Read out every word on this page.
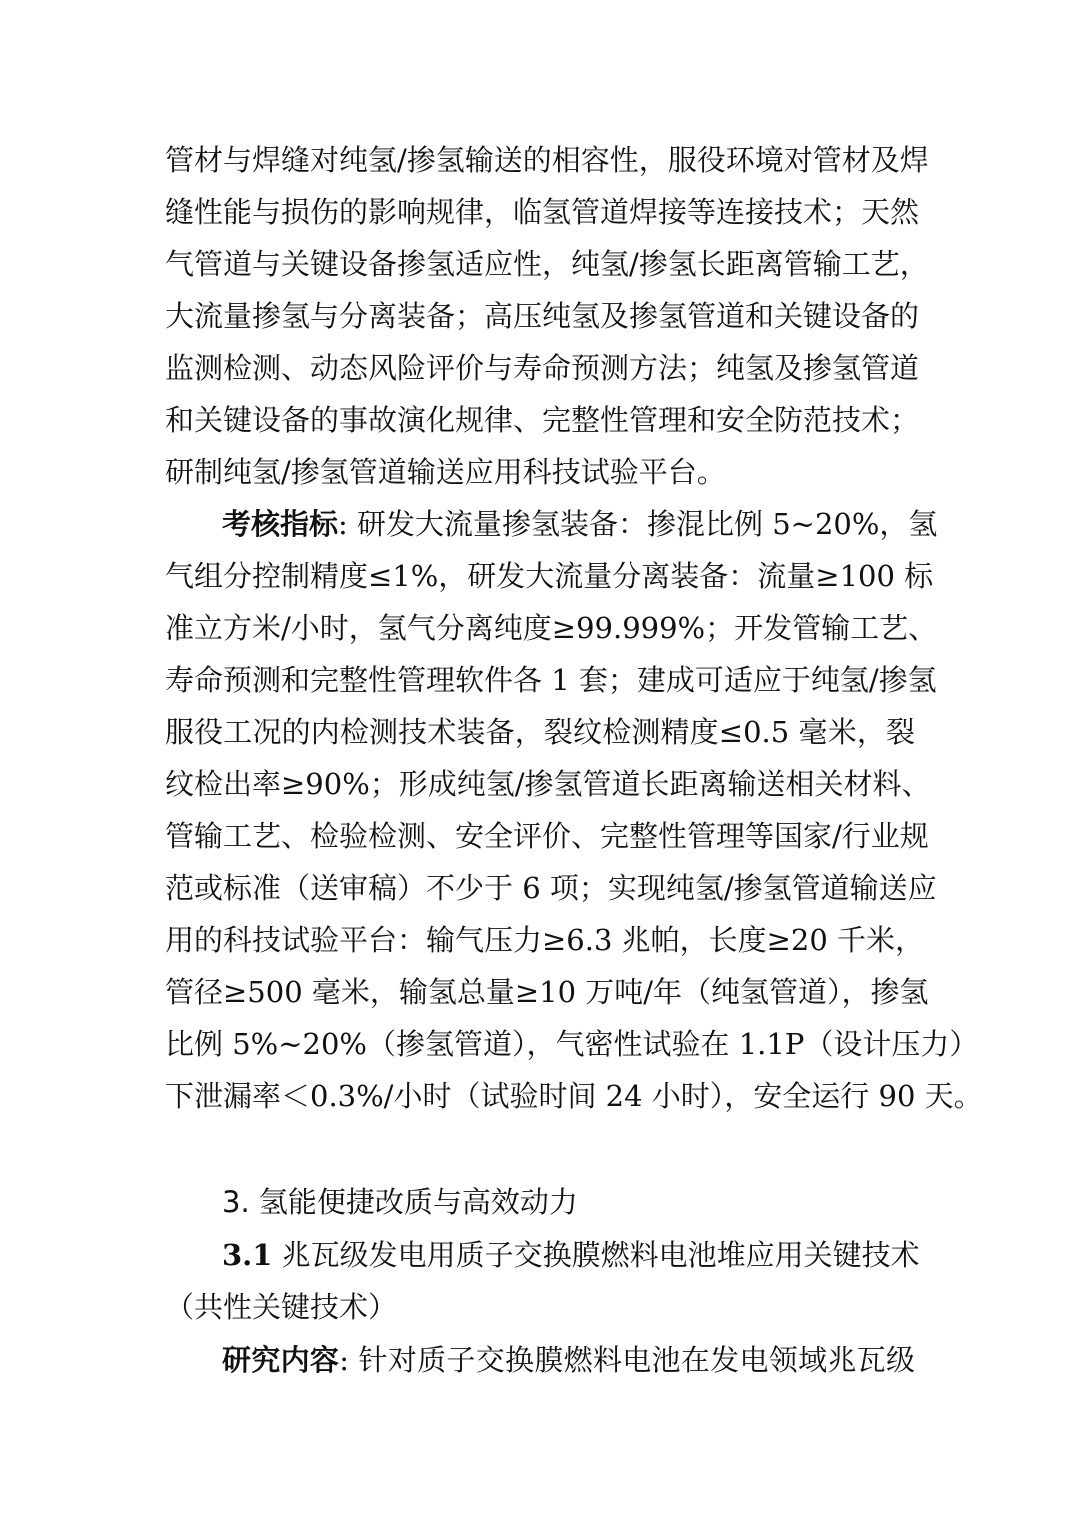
管材与焊缝对纯氢/掺氢输送的相容性，服役环境对管材及焊
缝性能与损伤的影响规律，临氢管道焊接等连接技术；天然
气管道与关键设备掺氢适应性，纯氢/掺氢长距离管输工艺，
大流量掺氢与分离装备；高压纯氢及掺氢管道和关键设备的
监测检测、动态风险评价与寿命预测方法；纯氢及掺氢管道
和关键设备的事故演化规律、完整性管理和安全防范技术；
研制纯氢/掺氢管道输送应用科技试验平台。
考核指标: 研发大流量掺氢装备：掺混比例 5~20%，氢
气组分控制精度≤1%，研发大流量分离装备：流量≥100 标
准立方米/小时，氢气分离纯度≥99.999%；开发管输工艺、
寿命预测和完整性管理软件各 1 套；建成可适应于纯氢/掺氢
服役工况的内检测技术装备，裂纹检测精度≤0.5 毫米，裂
纹检出率≥90%；形成纯氢/掺氢管道长距离输送相关材料、
管输工艺、检验检测、安全评价、完整性管理等国家/行业规
范或标准（送审稿）不少于 6 项；实现纯氢/掺氢管道输送应
用的科技试验平台：输气压力≥6.3 兆帕，长度≥20 千米，
管径≥500 毫米，输氢总量≥10 万吨/年（纯氢管道），掺氢
比例 5%~20%（掺氢管道），气密性试验在 1.1P（设计压力）
下泄漏率＜0.3%/小时（试验时间 24 小时），安全运行 90 天。
3. 氢能便捷改质与高效动力
3.1 兆瓦级发电用质子交换膜燃料电池堆应用关键技术
（共性关键技术）
研究内容: 针对质子交换膜燃料电池在发电领域兆瓦级
